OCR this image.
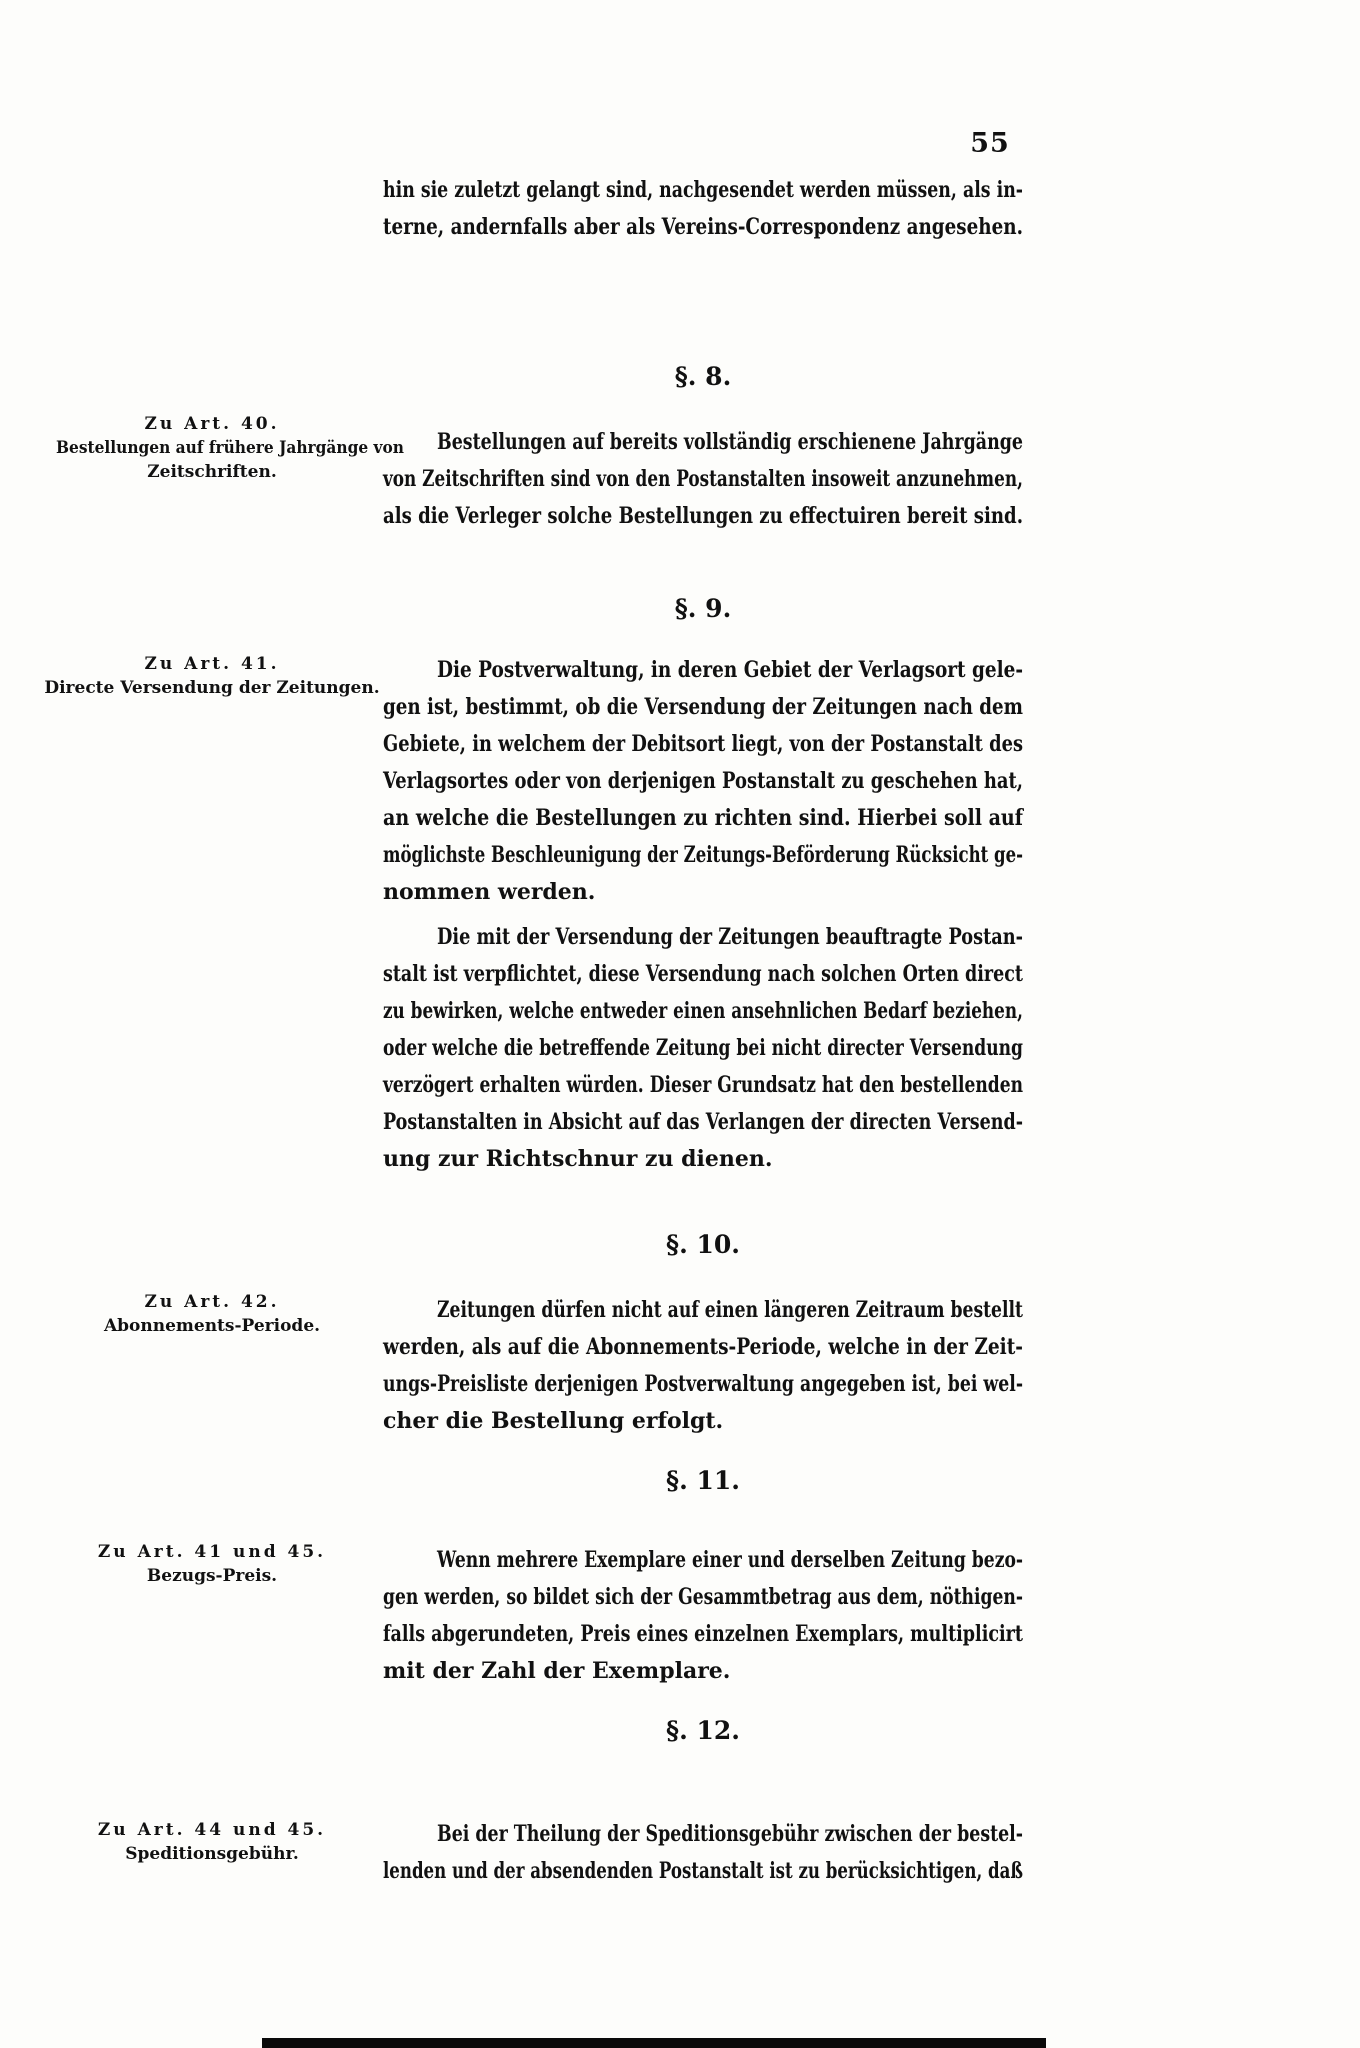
55
hin sie zuletzt gelangt sind, nachgesendet werden müssen, als in-
terne, andernfalls aber als Vereins-Correspondenz angesehen.
§. 8.
Zu Art. 40.
Bestellungen auf frühere Jahrgänge von
Zeitschriften.
Bestellungen auf bereits vollständig erschienene Jahrgänge
von Zeitschriften sind von den Postanstalten insoweit anzunehmen,
als die Verleger solche Bestellungen zu effectuiren bereit sind.
§. 9.
Zu Art. 41.
Directe Versendung der Zeitungen.
Die Postverwaltung, in deren Gebiet der Verlagsort gele-
gen ist, bestimmt, ob die Versendung der Zeitungen nach dem
Gebiete, in welchem der Debitsort liegt, von der Postanstalt des
Verlagsortes oder von derjenigen Postanstalt zu geschehen hat,
an welche die Bestellungen zu richten sind. Hierbei soll auf
möglichste Beschleunigung der Zeitungs-Beförderung Rücksicht ge-
nommen werden.
Die mit der Versendung der Zeitungen beauftragte Postan-
stalt ist verpflichtet, diese Versendung nach solchen Orten direct
zu bewirken, welche entweder einen ansehnlichen Bedarf beziehen,
oder welche die betreffende Zeitung bei nicht directer Versendung
verzögert erhalten würden. Dieser Grundsatz hat den bestellenden
Postanstalten in Absicht auf das Verlangen der directen Versend-
ung zur Richtschnur zu dienen.
§. 10.
Zu Art. 42.
Abonnements-Periode.
Zeitungen dürfen nicht auf einen längeren Zeitraum bestellt
werden, als auf die Abonnements-Periode, welche in der Zeit-
ungs-Preisliste derjenigen Postverwaltung angegeben ist, bei wel-
cher die Bestellung erfolgt.
§. 11.
Zu Art. 41 und 45.
Bezugs-Preis.
Wenn mehrere Exemplare einer und derselben Zeitung bezo-
gen werden, so bildet sich der Gesammtbetrag aus dem, nöthigen-
falls abgerundeten, Preis eines einzelnen Exemplars, multiplicirt
mit der Zahl der Exemplare.
§. 12.
Zu Art. 44 und 45.
Speditionsgebühr.
Bei der Theilung der Speditionsgebühr zwischen der bestel-
lenden und der absendenden Postanstalt ist zu berücksichtigen, daß
